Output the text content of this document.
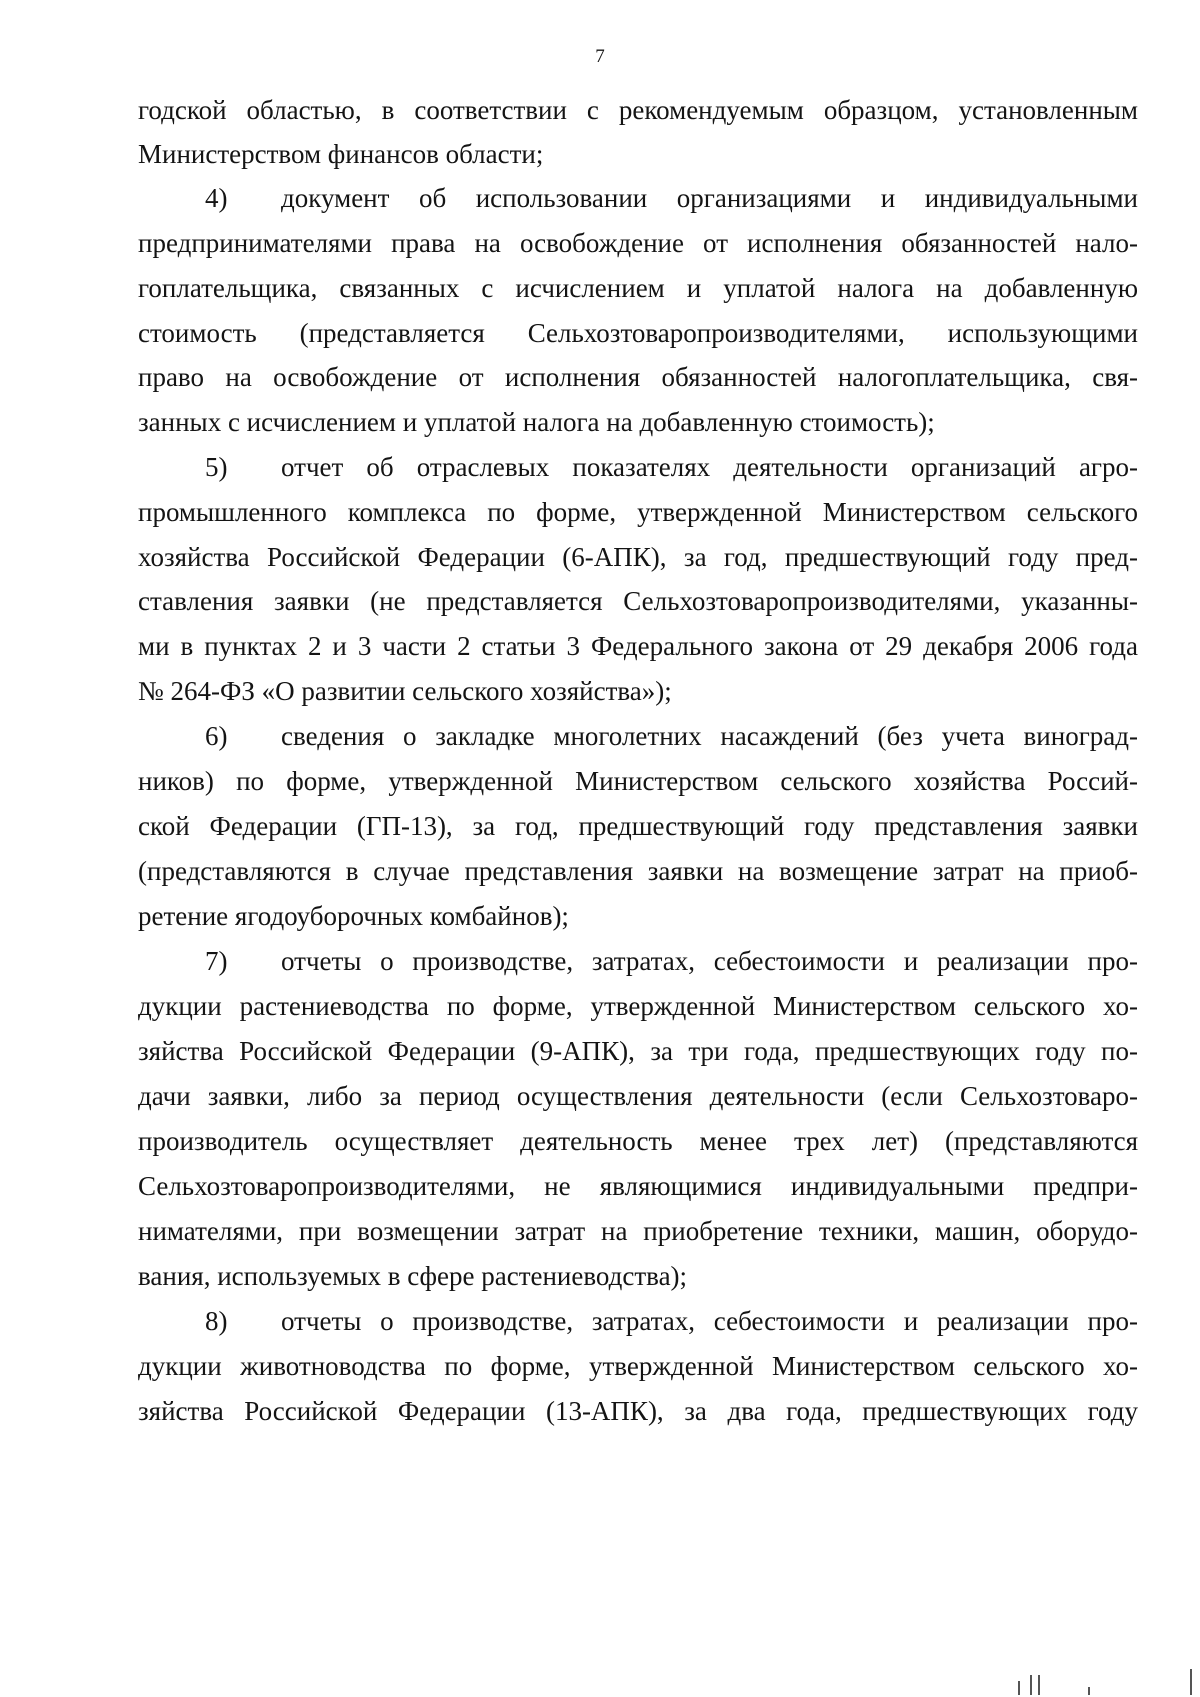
7
годской областью, в соответствии с рекомендуемым образцом, установленным
Министерством финансов области;
4) документ об использовании организациями и индивидуальными
предпринимателями права на освобождение от исполнения обязанностей нало-
гоплательщика, связанных с исчислением и уплатой налога на добавленную
стоимость (представляется Сельхозтоваропроизводителями, использующими
право на освобождение от исполнения обязанностей налогоплательщика, свя-
занных с исчислением и уплатой налога на добавленную стоимость);
5) отчет об отраслевых показателях деятельности организаций агро-
промышленного комплекса по форме, утвержденной Министерством сельского
хозяйства Российской Федерации (6-АПК), за год, предшествующий году пред-
ставления заявки (не представляется Сельхозтоваропроизводителями, указанны-
ми в пунктах 2 и 3 части 2 статьи 3 Федерального закона от 29 декабря 2006 года
№ 264-ФЗ «О развитии сельского хозяйства»);
6) сведения о закладке многолетних насаждений (без учета виноград-
ников) по форме, утвержденной Министерством сельского хозяйства Россий-
ской Федерации (ГП-13), за год, предшествующий году представления заявки
(представляются в случае представления заявки на возмещение затрат на приоб-
ретение ягодоуборочных комбайнов);
7) отчеты о производстве, затратах, себестоимости и реализации про-
дукции растениеводства по форме, утвержденной Министерством сельского хо-
зяйства Российской Федерации (9-АПК), за три года, предшествующих году по-
дачи заявки, либо за период осуществления деятельности (если Сельхозтоваро-
производитель осуществляет деятельность менее трех лет) (представляются
Сельхозтоваропроизводителями, не являющимися индивидуальными предпри-
нимателями, при возмещении затрат на приобретение техники, машин, оборудо-
вания, используемых в сфере растениеводства);
8) отчеты о производстве, затратах, себестоимости и реализации про-
дукции животноводства по форме, утвержденной Министерством сельского хо-
зяйства Российской Федерации (13-АПК), за два года, предшествующих году
